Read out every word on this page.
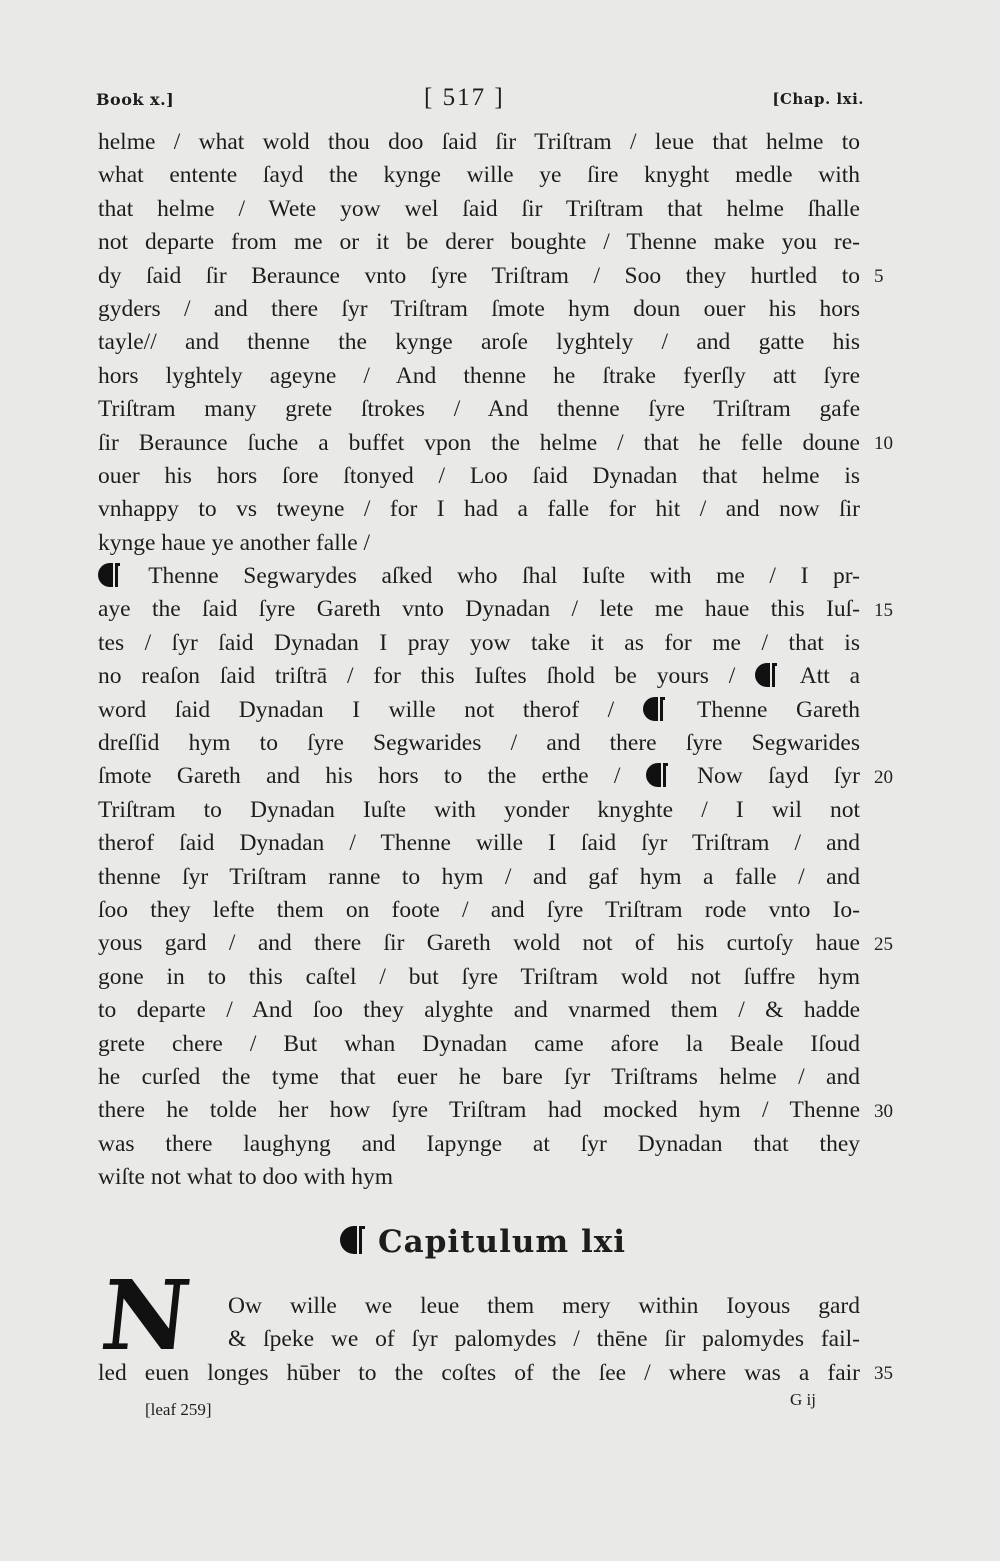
Book x.]	[ 517 ]	[Chap. lxi.
helme / what wold thou doo ſaid ſir Triſtram / leue that helme to
what entente ſayd the kynge wille ye ſire knyght medle with
that helme / Wete yow wel ſaid ſir Triſtram that helme ſhalle
not departe from me or it be derer boughte / Thenne make you re-
dy ſaid ſir Beraunce vnto ſyre Triſtram / Soo they hurtled to 5
gyders / and there ſyr Triſtram ſmote hym doun ouer his hors
tayle// and thenne the kynge aroſe lyghtely / and gatte his
hors lyghtely ageyne / And thenne he ſtrake fyerſly att ſyre
Triſtram many grete ſtrokes / And thenne ſyre Triſtram gafe
ſir Beraunce ſuche a buffet vpon the helme / that he felle doune 10
ouer his hors ſore ſtonyed / Loo ſaid Dynadan that helme is
vnhappy to vs tweyne / for I had a falle for hit / and now ſir
kynge haue ye another falle /
Thenne Segwarydes aſked who ſhal Iuſte with me / I pr-
aye the ſaid ſyre Gareth vnto Dynadan / lete me haue this Iuſ- 15
tes / ſyr ſaid Dynadan I pray yow take it as for me / that is
no reaſon ſaid triſtrā / for this Iuſtes ſhold be yours /  Att a
word ſaid Dynadan I wille not therof /  Thenne Gareth
dreſſid hym to ſyre Segwarides / and there ſyre Segwarides
ſmote Gareth and his hors to the erthe /  Now ſayd ſyr 20
Triſtram to Dynadan Iuſte with yonder knyghte / I wil not
therof ſaid Dynadan / Thenne wille I ſaid ſyr Triſtram / and
thenne ſyr Triſtram ranne to hym / and gaf hym a falle / and
ſoo they lefte them on foote / and ſyre Triſtram rode vnto Io-
yous gard / and there ſir Gareth wold not of his curtoſy haue 25
gone in to this caſtel / but ſyre Triſtram wold not ſuffre hym
to departe / And ſoo they alyghte and vnarmed them / & hadde
grete chere / But whan Dynadan came afore la Beale Iſoud
he curſed the tyme that euer he bare ſyr Triſtrams helme / and
there he tolde her how ſyre Triſtram had mocked hym / Thenne 30
was there laughyng and Iapynge at ſyr Dynadan that they
wiſte not what to doo with hym
Capitulum lxi
N	Ow wille we leue them mery within Ioyous gard
& ſpeke we of ſyr palomydes / thēne ſir palomydes fail-
led euen longes hūber to the coſtes of the ſee / where was a fair 35
[leaf 259]
G ij
